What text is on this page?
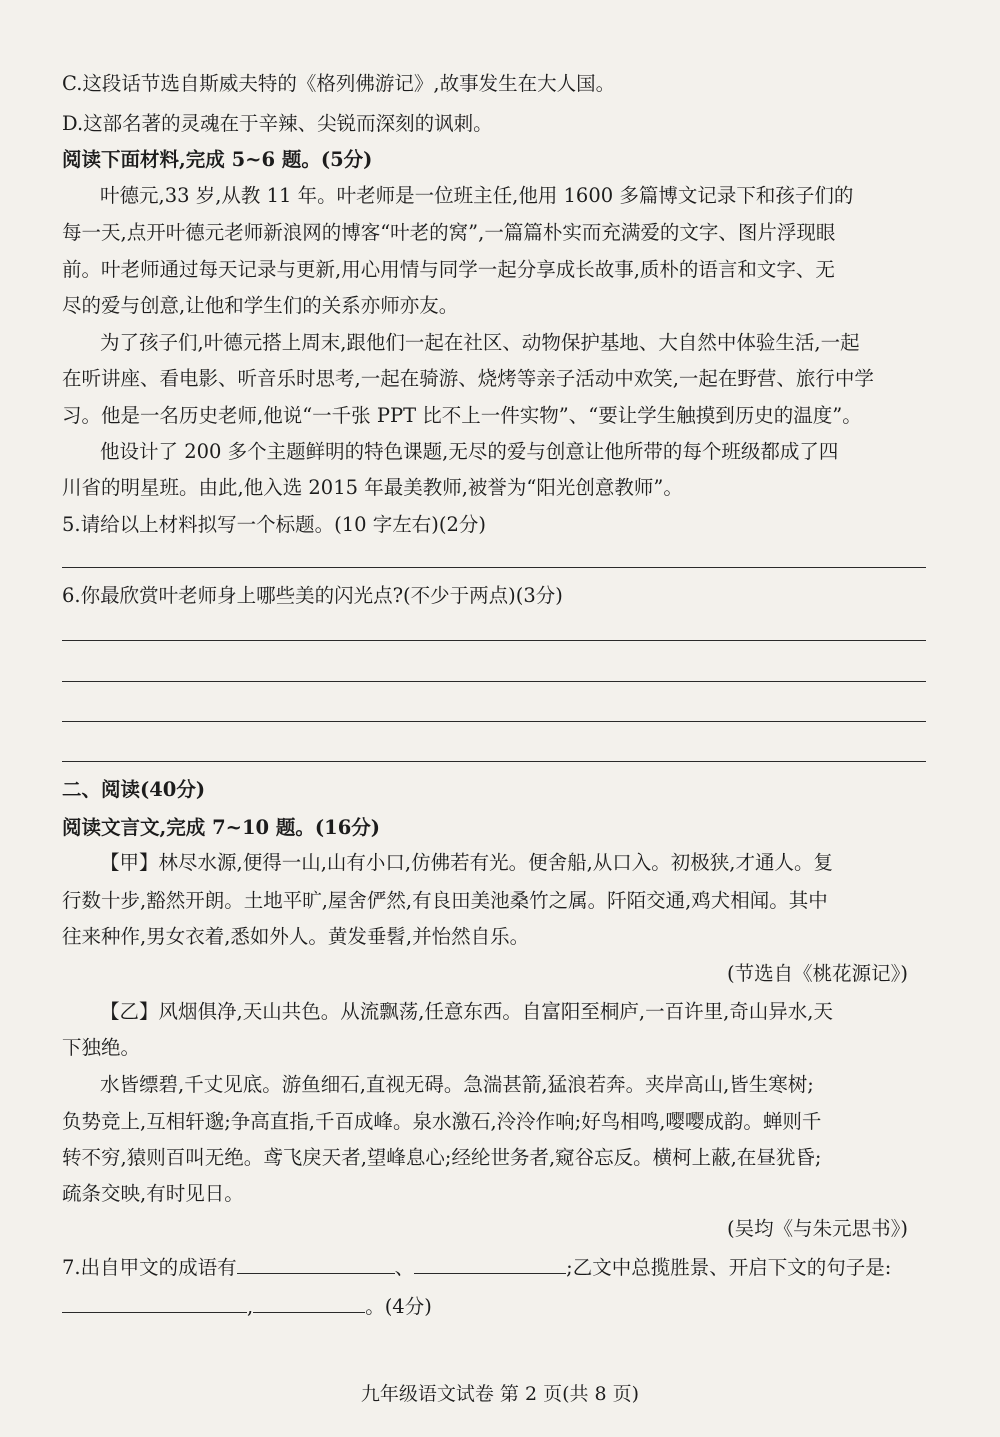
C.这段话节选自斯威夫特的《格列佛游记》,故事发生在大人国。
D.这部名著的灵魂在于辛辣、尖锐而深刻的讽刺。
阅读下面材料,完成 5~6 题。(5分)
叶德元,33 岁,从教 11 年。叶老师是一位班主任,他用 1600 多篇博文记录下和孩子们的
每一天,点开叶德元老师新浪网的博客“叶老的窝”,一篇篇朴实而充满爱的文字、图片浮现眼
前。叶老师通过每天记录与更新,用心用情与同学一起分享成长故事,质朴的语言和文字、无
尽的爱与创意,让他和学生们的关系亦师亦友。
为了孩子们,叶德元搭上周末,跟他们一起在社区、动物保护基地、大自然中体验生活,一起
在听讲座、看电影、听音乐时思考,一起在骑游、烧烤等亲子活动中欢笑,一起在野营、旅行中学
习。他是一名历史老师,他说“一千张 PPT 比不上一件实物”、“要让学生触摸到历史的温度”。
他设计了 200 多个主题鲜明的特色课题,无尽的爱与创意让他所带的每个班级都成了四
川省的明星班。由此,他入选 2015 年最美教师,被誉为“阳光创意教师”。
5.请给以上材料拟写一个标题。(10 字左右)(2分)
6.你最欣赏叶老师身上哪些美的闪光点?(不少于两点)(3分)
二、阅读(40分)
阅读文言文,完成 7~10 题。(16分)
【甲】林尽水源,便得一山,山有小口,仿佛若有光。便舍船,从口入。初极狭,才通人。复
行数十步,豁然开朗。土地平旷,屋舍俨然,有良田美池桑竹之属。阡陌交通,鸡犬相闻。其中
往来种作,男女衣着,悉如外人。黄发垂髫,并怡然自乐。
(节选自《桃花源记》)
【乙】风烟俱净,天山共色。从流飘荡,任意东西。自富阳至桐庐,一百许里,奇山异水,天
下独绝。
水皆缥碧,千丈见底。游鱼细石,直视无碍。急湍甚箭,猛浪若奔。夹岸高山,皆生寒树;
负势竞上,互相轩邈;争高直指,千百成峰。泉水激石,泠泠作响;好鸟相鸣,嘤嘤成韵。蝉则千
转不穷,猿则百叫无绝。鸢飞戾天者,望峰息心;经纶世务者,窥谷忘反。横柯上蔽,在昼犹昏;
疏条交映,有时见日。
(吴均《与朱元思书》)
7.出自甲文的成语有	、	;乙文中总揽胜景、开启下文的句子是:
,	。(4分)
九年级语文试卷 第 2 页(共 8 页)
